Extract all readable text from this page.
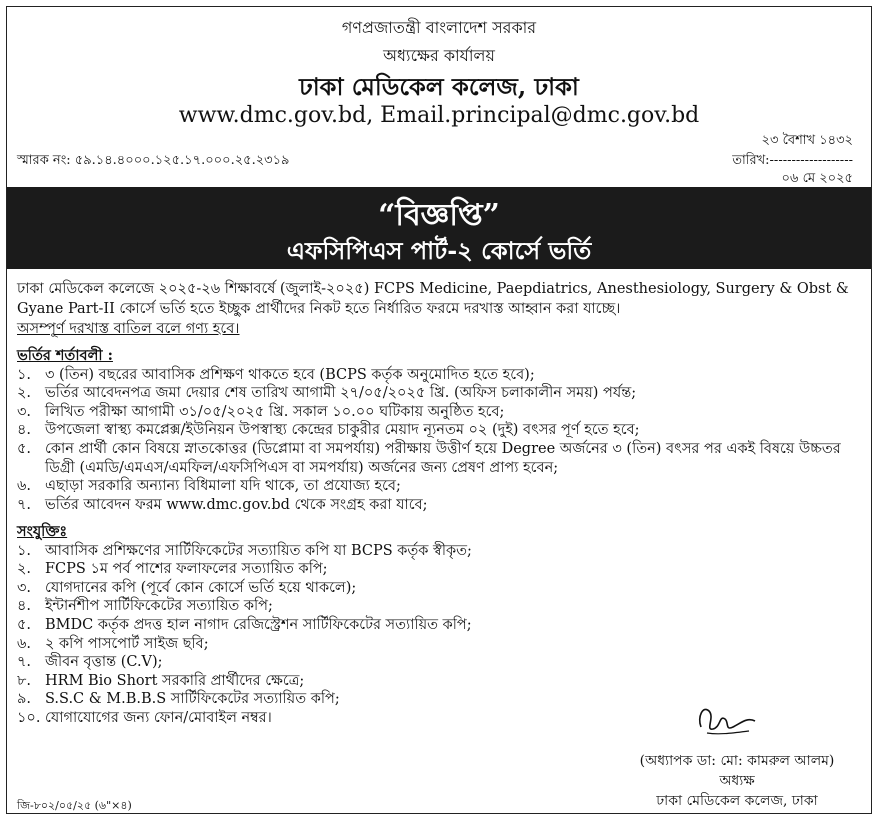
গণপ্রজাতন্ত্রী বাংলাদেশ সরকার
অধ্যক্ষের কার্যালয়
ঢাকা মেডিকেল কলেজ, ঢাকা
www.dmc.gov.bd, Email.principal@dmc.gov.bd
২৩ বৈশাখ ১৪৩২
স্মারক নং: ৫৯.১৪.৪০০০.১২৫.১৭.০০০.২৫.২৩১৯	তারিখ:-------------------
০৬ মে ২০২৫
“বিজ্ঞপ্তি”
এফসিপিএস পার্ট-২ কোর্সে ভর্তি
ঢাকা মেডিকেল কলেজে ২০২৫-২৬ শিক্ষাবর্ষে (জুলাই-২০২৫) FCPS Medicine, Paepdiatrics, Anesthesiology, Surgery & Obst & Gyane Part-II কোর্সে ভর্তি হতে ইচ্ছুক প্রার্থীদের নিকট হতে নির্ধারিত ফরমে দরখাস্ত আহ্বান করা যাচ্ছে।
অসম্পূর্ণ দরখাস্ত বাতিল বলে গণ্য হবে।
ভর্তির শর্তাবলী :
১. ৩ (তিন) বছরের আবাসিক প্রশিক্ষণ থাকতে হবে (BCPS কর্তৃক অনুমোদিত হতে হবে);
২. ভর্তির আবেদনপত্র জমা দেয়ার শেষ তারিখ আগামী ২৭/০৫/২০২৫ খ্রি. (অফিস চলাকালীন সময়) পর্যন্ত;
৩. লিখিত পরীক্ষা আগামী ৩১/০৫/২০২৫ খ্রি. সকাল ১০.০০ ঘটিকায় অনুষ্ঠিত হবে;
৪. উপজেলা স্বাস্থ্য কমপ্লেক্স/ইউনিয়ন উপস্বাস্থ্য কেন্দ্রের চাকুরীর মেয়াদ ন্যূনতম ০২ (দুই) বৎসর পূর্ণ হতে হবে;
৫. কোন প্রার্থী কোন বিষয়ে স্নাতকোত্তর (ডিপ্লোমা বা সমপর্যায়) পরীক্ষায় উত্তীর্ণ হয়ে Degree অর্জনের ৩ (তিন) বৎসর পর একই বিষয়ে উচ্চতর ডিগ্রী (এমডি/এমএস/এমফিল/এফসিপিএস বা সমপর্যায়) অর্জনের জন্য প্রেষণ প্রাপ্য হবেন;
৬. এছাড়া সরকারি অন্যান্য বিধিমালা যদি থাকে, তা প্রযোজ্য হবে;
৭. ভর্তির আবেদন ফরম www.dmc.gov.bd থেকে সংগ্রহ করা যাবে;
সংযুক্তিঃ
১. আবাসিক প্রশিক্ষণের সার্টিফিকেটের সত্যায়িত কপি যা BCPS কর্তৃক স্বীকৃত;
২. FCPS ১ম পর্ব পাশের ফলাফলের সত্যায়িত কপি;
৩. যোগদানের কপি (পূর্বে কোন কোর্সে ভর্তি হয়ে থাকলে);
৪. ইন্টার্নশীপ সার্টিফিকেটের সত্যায়িত কপি;
৫. BMDC কর্তৃক প্রদত্ত হাল নাগাদ রেজিস্ট্রেশন সার্টিফিকেটের সত্যায়িত কপি;
৬. ২ কপি পাসপোর্ট সাইজ ছবি;
৭. জীবন বৃত্তান্ত (C.V);
৮. HRM Bio Short সরকারি প্রার্থীদের ক্ষেত্রে;
৯. S.S.C & M.B.B.S সার্টিফিকেটের সত্যায়িত কপি;
১০. যোগাযোগের জন্য ফোন/মোবাইল নম্বর।
(অধ্যাপক ডা: মো: কামরুল আলম)
অধ্যক্ষ
ঢাকা মেডিকেল কলেজ, ঢাকা
জি-৮০২/০৫/২৫ (৬"×৪)
